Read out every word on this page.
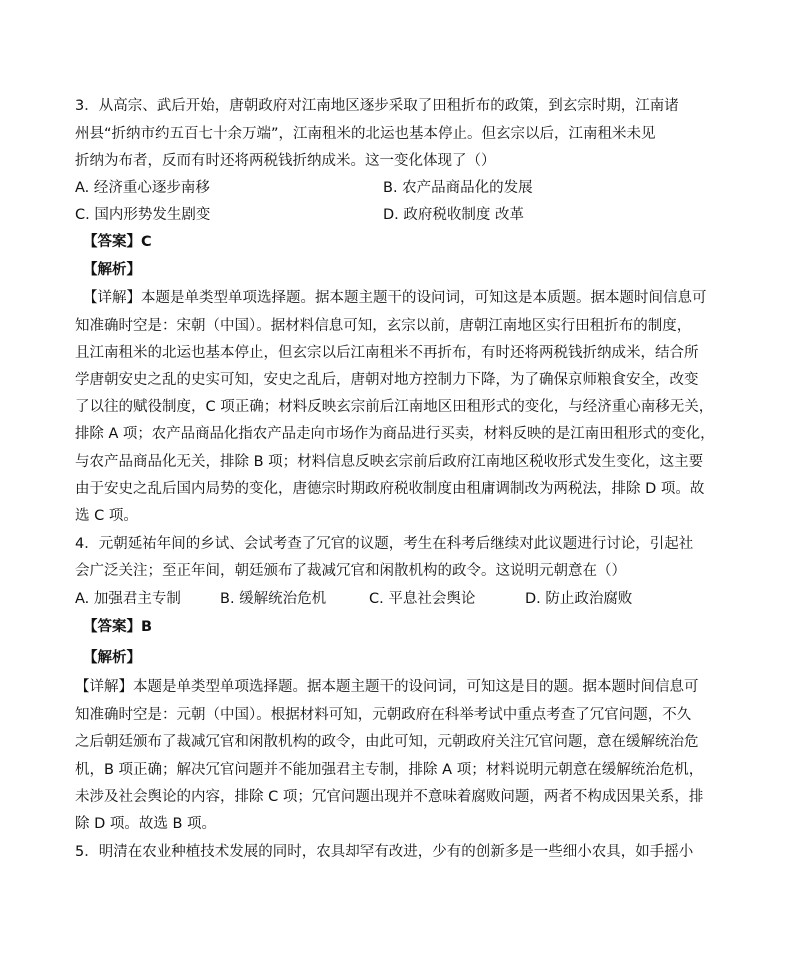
3．从高宗、武后开始，唐朝政府对江南地区逐步采取了田租折布的政策，到玄宗时期，江南诸
州县“折纳市约五百七十余万端”，江南租米的北运也基本停止。但玄宗以后，江南租米未见
折纳为布者，反而有时还将两税钱折纳成米。这一变化体现了（）
A. 经济重心逐步南移	B. 农产品商品化的发展
C. 国内形势发生剧变	D. 政府税收制度 改革
【答案】C
【解析】
【详解】本题是单类型单项选择题。据本题主题干的设问词，可知这是本质题。据本题时间信息可
知准确时空是：宋朝（中国）。据材料信息可知，玄宗以前，唐朝江南地区实行田租折布的制度，
且江南租米的北运也基本停止，但玄宗以后江南租米不再折布，有时还将两税钱折纳成米，结合所
学唐朝安史之乱的史实可知，安史之乱后，唐朝对地方控制力下降，为了确保京师粮食安全，改变
了以往的赋役制度，C 项正确；材料反映玄宗前后江南地区田租形式的变化，与经济重心南移无关，
排除 A 项；农产品商品化指农产品走向市场作为商品进行买卖，材料反映的是江南田租形式的变化，
与农产品商品化无关，排除 B 项；材料信息反映玄宗前后政府江南地区税收形式发生变化，这主要
由于安史之乱后国内局势的变化，唐德宗时期政府税收制度由租庸调制改为两税法，排除 D 项。故
选 C 项。
4．元朝延祐年间的乡试、会试考查了冗官的议题，考生在科考后继续对此议题进行讨论，引起社
会广泛关注；至正年间，朝廷颁布了裁减冗官和闲散机构的政令。这说明元朝意在（）
A. 加强君主专制	B. 缓解统治危机	C. 平息社会舆论	D. 防止政治腐败
【答案】B
【解析】
【详解】本题是单类型单项选择题。据本题主题干的设问词，可知这是目的题。据本题时间信息可
知准确时空是：元朝（中国）。根据材料可知，元朝政府在科举考试中重点考查了冗官问题，不久
之后朝廷颁布了裁减冗官和闲散机构的政令，由此可知，元朝政府关注冗官问题，意在缓解统治危
机，B 项正确；解决冗官问题并不能加强君主专制，排除 A 项；材料说明元朝意在缓解统治危机，
未涉及社会舆论的内容，排除 C 项；冗官问题出现并不意味着腐败问题，两者不构成因果关系，排
除 D 项。故选 B 项。
5．明清在农业种植技术发展的同时，农具却罕有改进，少有的创新多是一些细小农具，如手摇小
